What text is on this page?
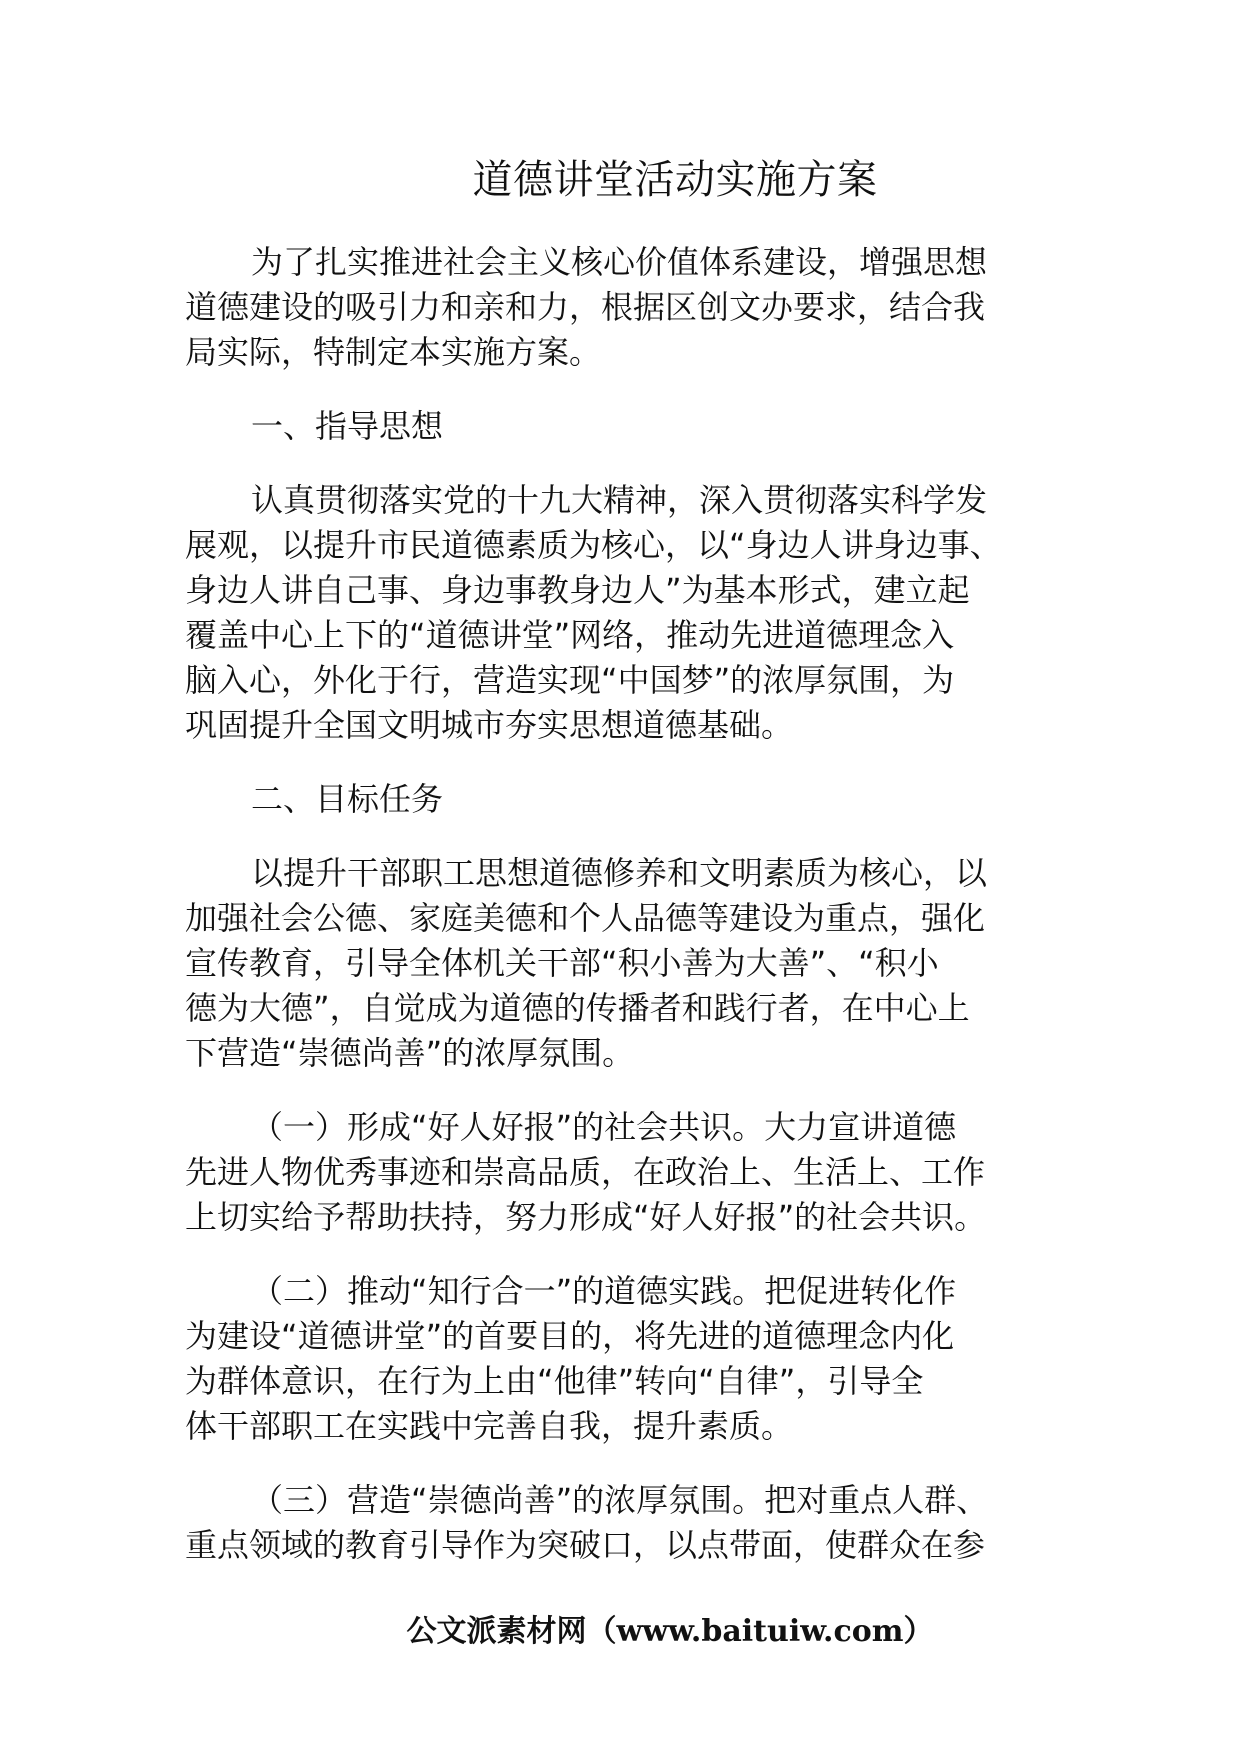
道德讲堂活动实施方案

为了扎实推进社会主义核心价值体系建设，增强思想
道德建设的吸引力和亲和力，根据区创文办要求，结合我
局实际，特制定本实施方案。

一、指导思想

认真贯彻落实党的十九大精神，深入贯彻落实科学发
展观，以提升市民道德素质为核心，以“身边人讲身边事、
身边人讲自己事、身边事教身边人”为基本形式，建立起
覆盖中心上下的“道德讲堂”网络，推动先进道德理念入
脑入心，外化于行，营造实现“中国梦”的浓厚氛围，为
巩固提升全国文明城市夯实思想道德基础。

二、目标任务

以提升干部职工思想道德修养和文明素质为核心，以
加强社会公德、家庭美德和个人品德等建设为重点，强化
宣传教育，引导全体机关干部“积小善为大善”、“积小
德为大德”，自觉成为道德的传播者和践行者，在中心上
下营造“崇德尚善”的浓厚氛围。

（一）形成“好人好报”的社会共识。大力宣讲道德
先进人物优秀事迹和崇高品质，在政治上、生活上、工作
上切实给予帮助扶持，努力形成“好人好报”的社会共识。

（二）推动“知行合一”的道德实践。把促进转化作
为建设“道德讲堂”的首要目的，将先进的道德理念内化
为群体意识，在行为上由“他律”转向“自律”，引导全
体干部职工在实践中完善自我，提升素质。

（三）营造“崇德尚善”的浓厚氛围。把对重点人群、
重点领域的教育引导作为突破口，以点带面，使群众在参

公文派素材网（www.baituiw.com）
